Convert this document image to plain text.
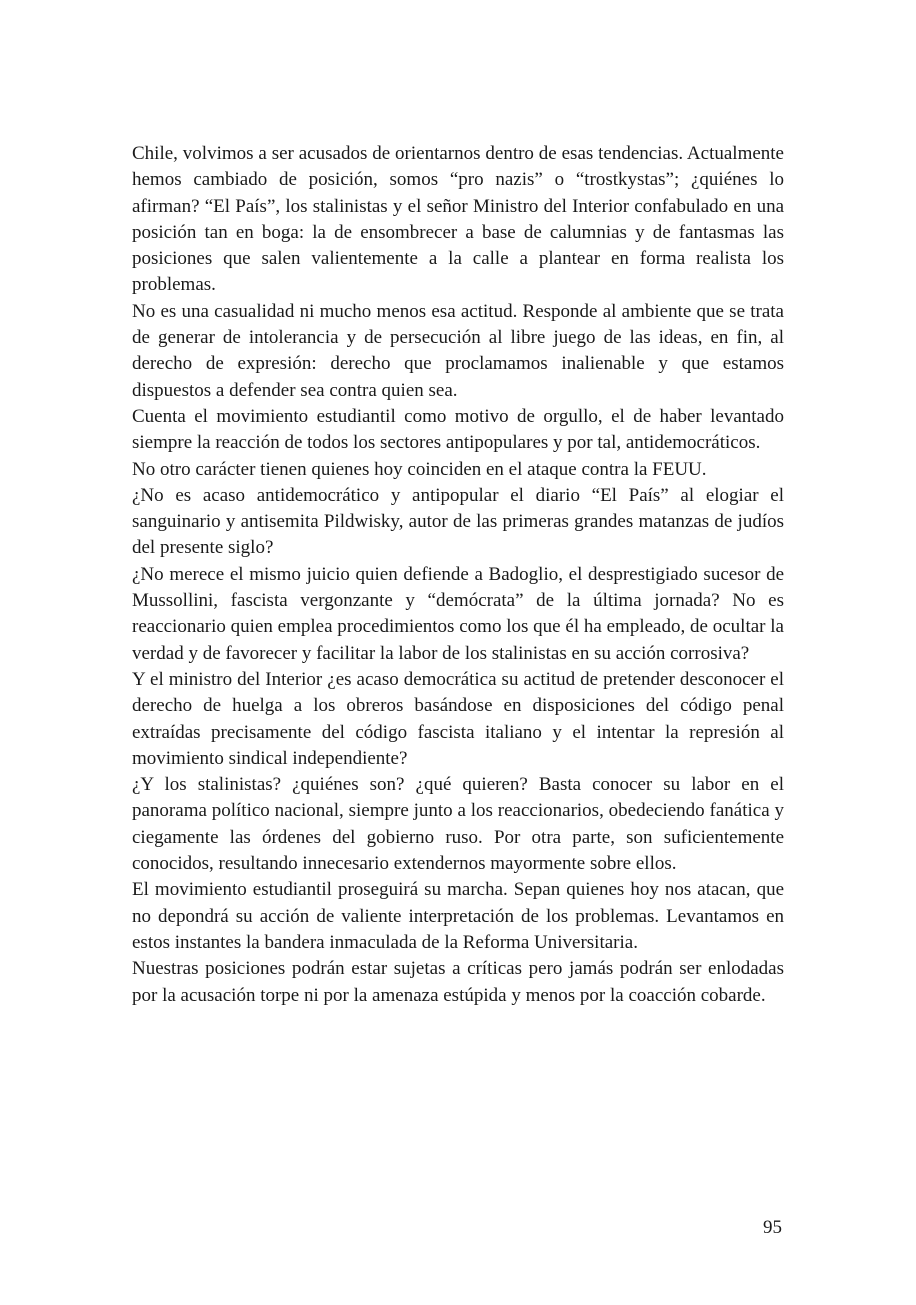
Chile, volvimos a ser acusados de orientarnos dentro de esas tendencias. Actualmente hemos cambiado de posición, somos “pro nazis” o “trostkystas”; ¿quiénes lo afirman? “El País”, los stalinistas y el señor Ministro del Interior confabulado en una posición tan en boga: la de ensombrecer a base de calumnias y de fantasmas las posiciones que salen valientemente a la calle a plantear en forma realista los problemas.

No es una casualidad ni mucho menos esa actitud. Responde al ambiente que se trata de generar de intolerancia y de persecución al libre juego de las ideas, en fin, al derecho de expresión: derecho que proclamamos inalienable y que estamos dispuestos a defender sea contra quien sea.

Cuenta el movimiento estudiantil como motivo de orgullo, el de haber levantado siempre la reacción de todos los sectores antipopulares y por tal, antidemocráticos.

No otro carácter tienen quienes hoy coinciden en el ataque contra la FEUU.

¿No es acaso antidemocrático y antipopular el diario “El País” al elogiar el sanguinario y antisemita Pildwisky, autor de las primeras grandes matanzas de judíos del presente siglo?

¿No merece el mismo juicio quien defiende a Badoglio, el desprestigiado sucesor de Mussollini, fascista vergonzante y “demócrata” de la última jornada? No es reaccionario quien emplea procedimientos como los que él ha empleado, de ocultar la verdad y de favorecer y facilitar la labor de los stalinistas en su acción corrosiva?

Y el ministro del Interior ¿es acaso democrática su actitud de pretender desconocer el derecho de huelga a los obreros basándose en disposiciones del código penal extraídas precisamente del código fascista italiano y el intentar la represión al movimiento sindical independiente?

¿Y los stalinistas? ¿quiénes son? ¿qué quieren? Basta conocer su labor en el panorama político nacional, siempre junto a los reaccionarios, obedeciendo fanática y ciegamente las órdenes del gobierno ruso. Por otra parte, son suficientemente conocidos, resultando innecesario extendernos mayormente sobre ellos.

El movimiento estudiantil proseguirá su marcha. Sepan quienes hoy nos atacan, que no depondrá su acción de valiente interpretación de los problemas. Levantamos en estos instantes la bandera inmaculada de la Reforma Universitaria.

Nuestras posiciones podrán estar sujetas a críticas pero jamás podrán ser enlodadas por la acusación torpe ni por la amenaza estúpida y menos por la coacción cobarde.

95
